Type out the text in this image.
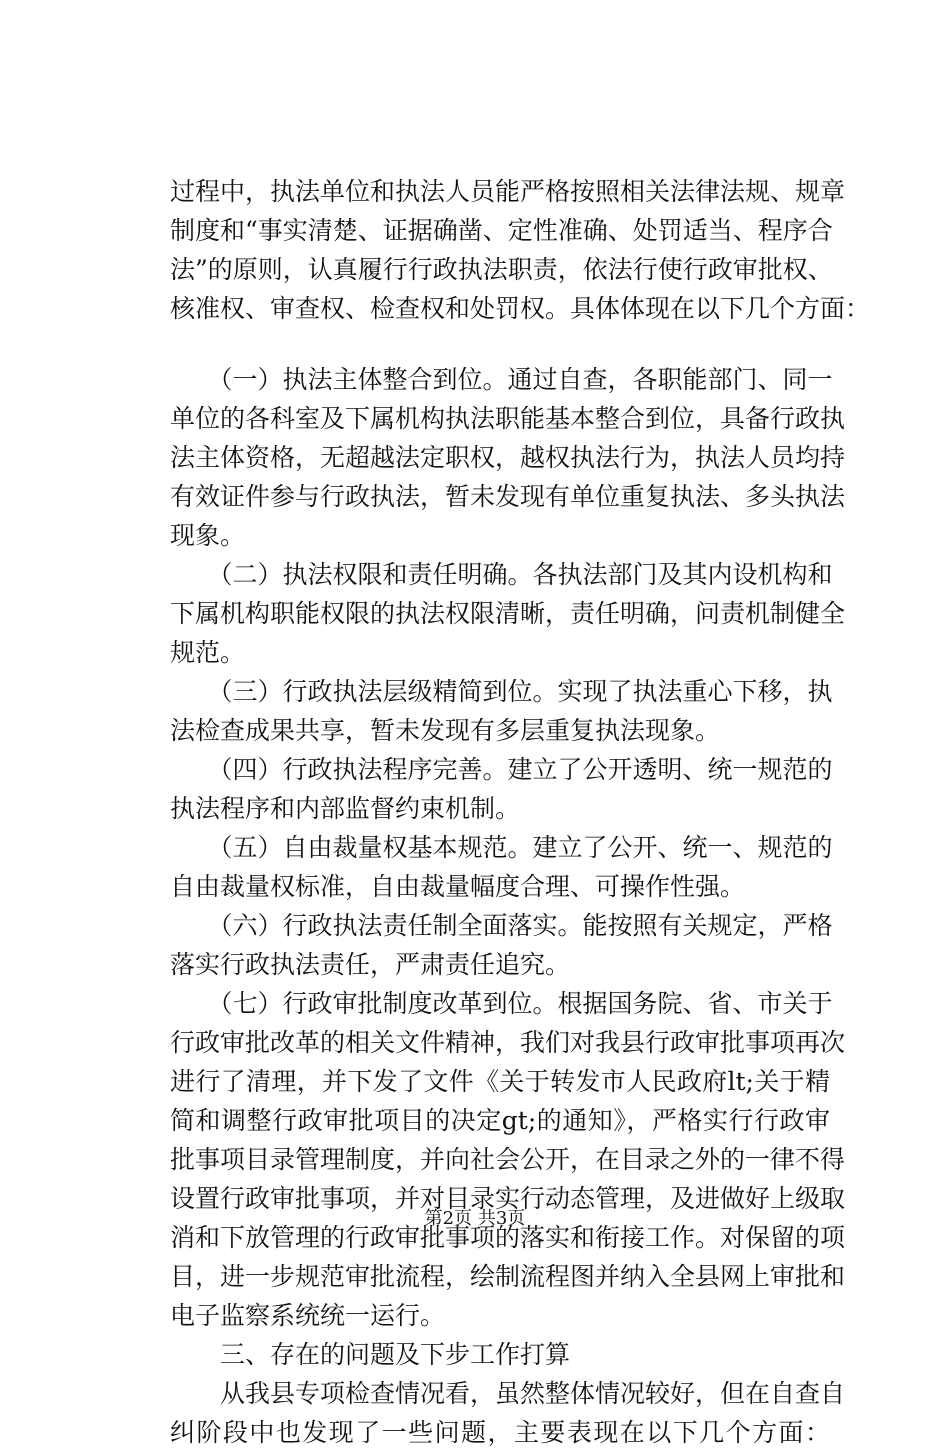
过程中，执法单位和执法人员能严格按照相关法律法规、规章
制度和“事实清楚、证据确凿、定性准确、处罚适当、程序合
法”的原则，认真履行行政执法职责，依法行使行政审批权、
核准权、审查权、检查权和处罚权。具体体现在以下几个方面：
　　（一）执法主体整合到位。通过自查，各职能部门、同一
单位的各科室及下属机构执法职能基本整合到位，具备行政执
法主体资格，无超越法定职权，越权执法行为，执法人员均持
有效证件参与行政执法，暂未发现有单位重复执法、多头执法
现象。
　　（二）执法权限和责任明确。各执法部门及其内设机构和
下属机构职能权限的执法权限清晰，责任明确，问责机制健全
规范。
　　（三）行政执法层级精简到位。实现了执法重心下移，执
法检查成果共享，暂未发现有多层重复执法现象。
　　（四）行政执法程序完善。建立了公开透明、统一规范的
执法程序和内部监督约束机制。
　　（五）自由裁量权基本规范。建立了公开、统一、规范的
自由裁量权标准，自由裁量幅度合理、可操作性强。
　　（六）行政执法责任制全面落实。能按照有关规定，严格
落实行政执法责任，严肃责任追究。
　　（七）行政审批制度改革到位。根据国务院、省、市关于
行政审批改革的相关文件精神，我们对我县行政审批事项再次
进行了清理，并下发了文件《关于转发市人民政府lt;关于精
简和调整行政审批项目的决定gt;的通知》，严格实行行政审
批事项目录管理制度，并向社会公开，在目录之外的一律不得
设置行政审批事项，并对目录实行动态管理，及进做好上级取
消和下放管理的行政审批事项的落实和衔接工作。对保留的项
目，进一步规范审批流程，绘制流程图并纳入全县网上审批和
电子监察系统统一运行。
　　三、存在的问题及下步工作打算
　　从我县专项检查情况看，虽然整体情况较好，但在自查自
纠阶段中也发现了一些问题，主要表现在以下几个方面：
第2页 共3页
